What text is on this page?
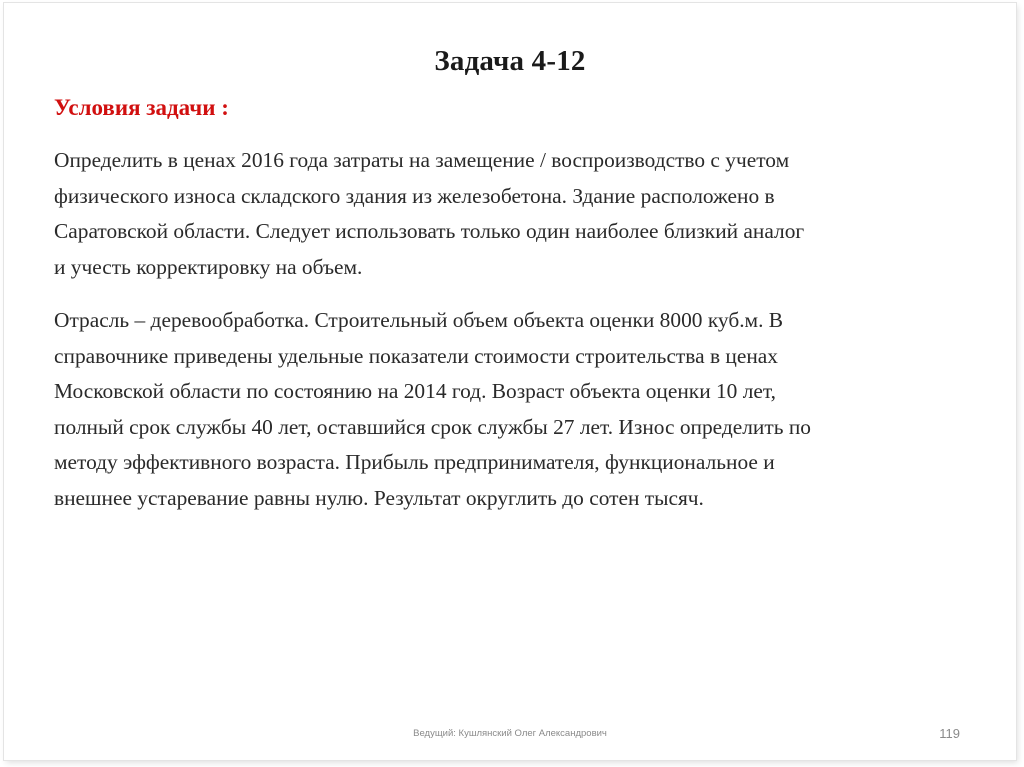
Задача 4-12
Условия задачи :

Определить в ценах 2016 года затраты на замещение / воспроизводство с учетом
физического износа складского здания из железобетона. Здание расположено в
Саратовской области. Следует использовать только один наиболее близкий аналог
и учесть корректировку на объем.

Отрасль – деревообработка. Строительный объем объекта оценки 8000 куб.м. В
справочнике приведены удельные показатели стоимости строительства в ценах
Московской области по состоянию на 2014 год. Возраст объекта оценки 10 лет,
полный срок службы 40 лет, оставшийся срок службы 27 лет. Износ определить по
методу эффективного возраста. Прибыль предпринимателя, функциональное и
внешнее устаревание равны нулю. Результат округлить до сотен тысяч.

Ведущий: Кушлянский Олег Александрович	119
